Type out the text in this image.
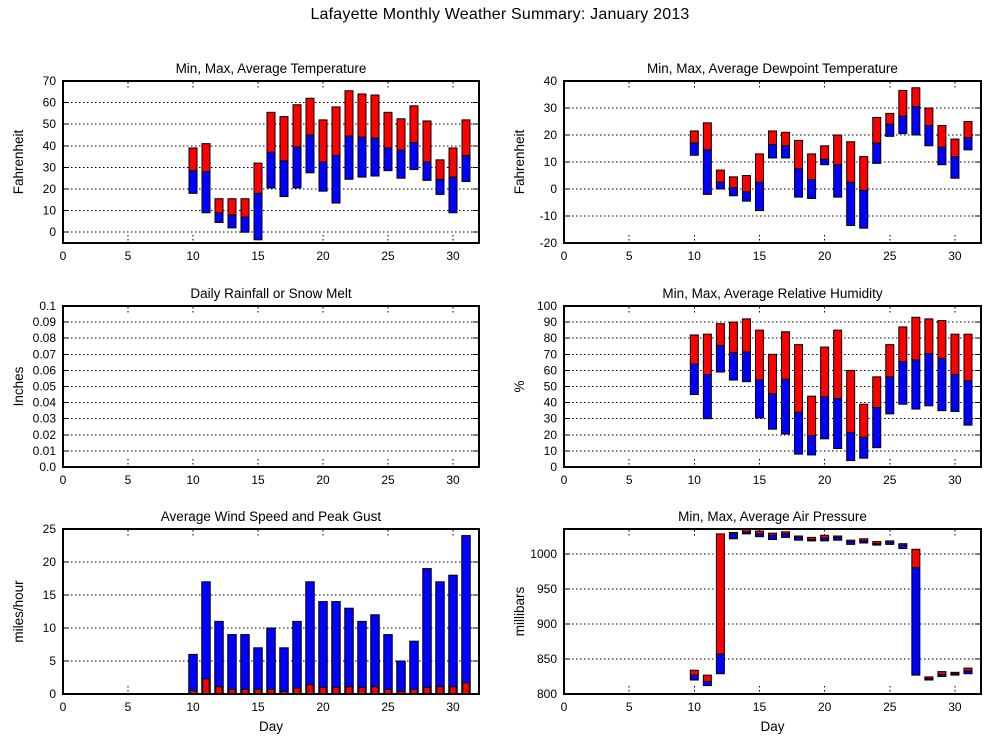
Lafayette Monthly Weather Summary: January 2013
0
10
20
30
40
50
60
70
0	5	10	15	20	25	30
Min, Max, Average Temperature
Fahrenheit
-20
-10
0
10
20
30
40
0	5	10	15	20	25	30
Min, Max, Average Dewpoint Temperature
Fahrenheit
0.0
0.01
0.02
0.03
0.04
0.05
0.06
0.07
0.08
0.09
0.1
0	5	10	15	20	25	30
Daily Rainfall or Snow Melt
Inches
0
10
20
30
40
50
60
70
80
90
100
0	5	10	15	20	25	30
Min, Max, Average Relative Humidity
%
0
5
10
15
20
25
0	5	10	15	20	25	30
Average Wind Speed and Peak Gust
miles/hour
Day
800
850
900
950
1000
0	5	10	15	20	25	30
Min, Max, Average Air Pressure
millibars
Day
